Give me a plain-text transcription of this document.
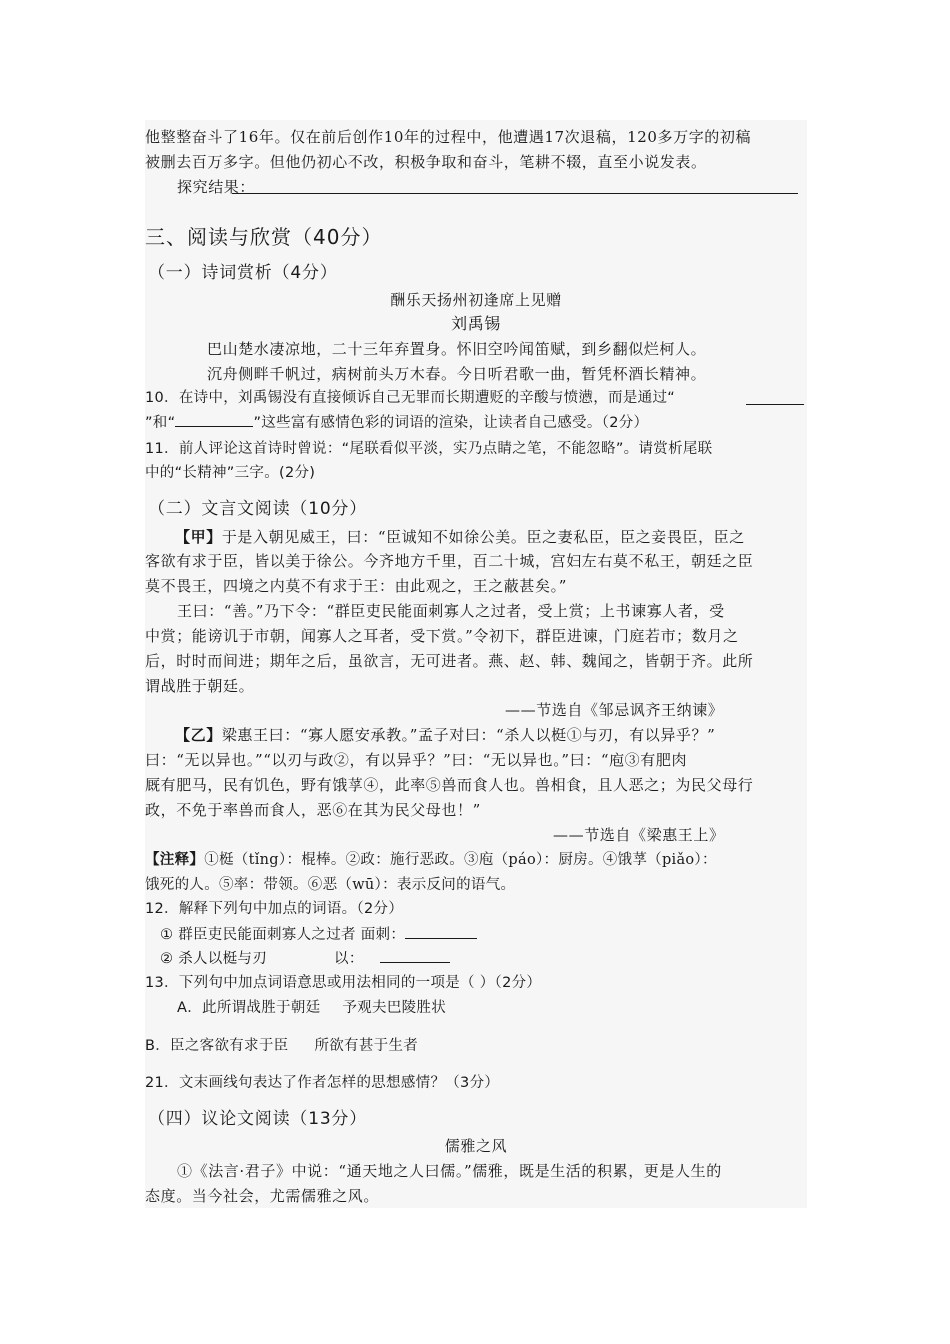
他整整奋斗了16年。仅在前后创作10年的过程中，他遭遇17次退稿，120多万字的初稿
被删去百万多字。但他仍初心不改，积极争取和奋斗，笔耕不辍，直至小说发表。
探究结果：
三、阅读与欣赏（40分）
（一）诗词赏析（4分）
酬乐天扬州初逢席上见赠
刘禹锡
巴山楚水凄凉地，二十三年弃置身。怀旧空吟闻笛赋，到乡翻似烂柯人。
沉舟侧畔千帆过，病树前头万木春。今日听君歌一曲，暂凭杯酒长精神。
10．在诗中，刘禹锡没有直接倾诉自己无罪而长期遭贬的辛酸与愤懑，而是通过“
”和“	”这些富有感情色彩的词语的渲染，让读者自己感受。（2分）
11．前人评论这首诗时曾说：“尾联看似平淡，实乃点睛之笔，不能忽略”。请赏析尾联
中的“长精神”三字。(2分)
（二）文言文阅读（10分）
【甲】于是入朝见威王，曰：“臣诚知不如徐公美。臣之妻私臣，臣之妾畏臣，臣之
客欲有求于臣，皆以美于徐公。今齐地方千里，百二十城，宫妇左右莫不私王，朝廷之臣
莫不畏王，四境之内莫不有求于王：由此观之，王之蔽甚矣。”
王曰：“善。”乃下令：“群臣吏民能面刺寡人之过者，受上赏；上书谏寡人者，受
中赏；能谤讥于市朝，闻寡人之耳者，受下赏。”令初下，群臣进谏，门庭若市；数月之
后，时时而间进；期年之后，虽欲言，无可进者。燕、赵、韩、魏闻之，皆朝于齐。此所
谓战胜于朝廷。
——节选自《邹忌讽齐王纳谏》
【乙】梁惠王曰：“寡人愿安承教。”孟子对曰：“杀人以梃①与刃，有以异乎？”
曰：“无以异也。”“以刃与政②，有以异乎？”曰：“无以异也。”曰：“庖③有肥肉
厩有肥马，民有饥色，野有饿莩④，此率⑤兽而食人也。兽相食，且人恶之；为民父母行
政，不免于率兽而食人，恶⑥在其为民父母也！”
——节选自《梁惠王上》
【注释】①梃（tǐng）：棍棒。②政：施行恶政。③庖（páo）：厨房。④饿莩（piǎo）：
饿死的人。⑤率：带领。⑥恶（wū）：表示反问的语气。
12．解释下列句中加点的词语。（2分）
① 群臣吏民能面刺寡人之过者 面刺：
② 杀人以梃与刃	以：
13．下列句中加点词语意思或用法相同的一项是（ ）（2分）
A．此所谓战胜于朝廷 予观夫巴陵胜状
B．臣之客欲有求于臣 所欲有甚于生者
21．文末画线句表达了作者怎样的思想感情？（3分）
（四）议论文阅读（13分）
儒雅之风
①《法言·君子》中说：“通天地之人曰儒。”儒雅，既是生活的积累，更是人生的
态度。当今社会，尤需儒雅之风。
